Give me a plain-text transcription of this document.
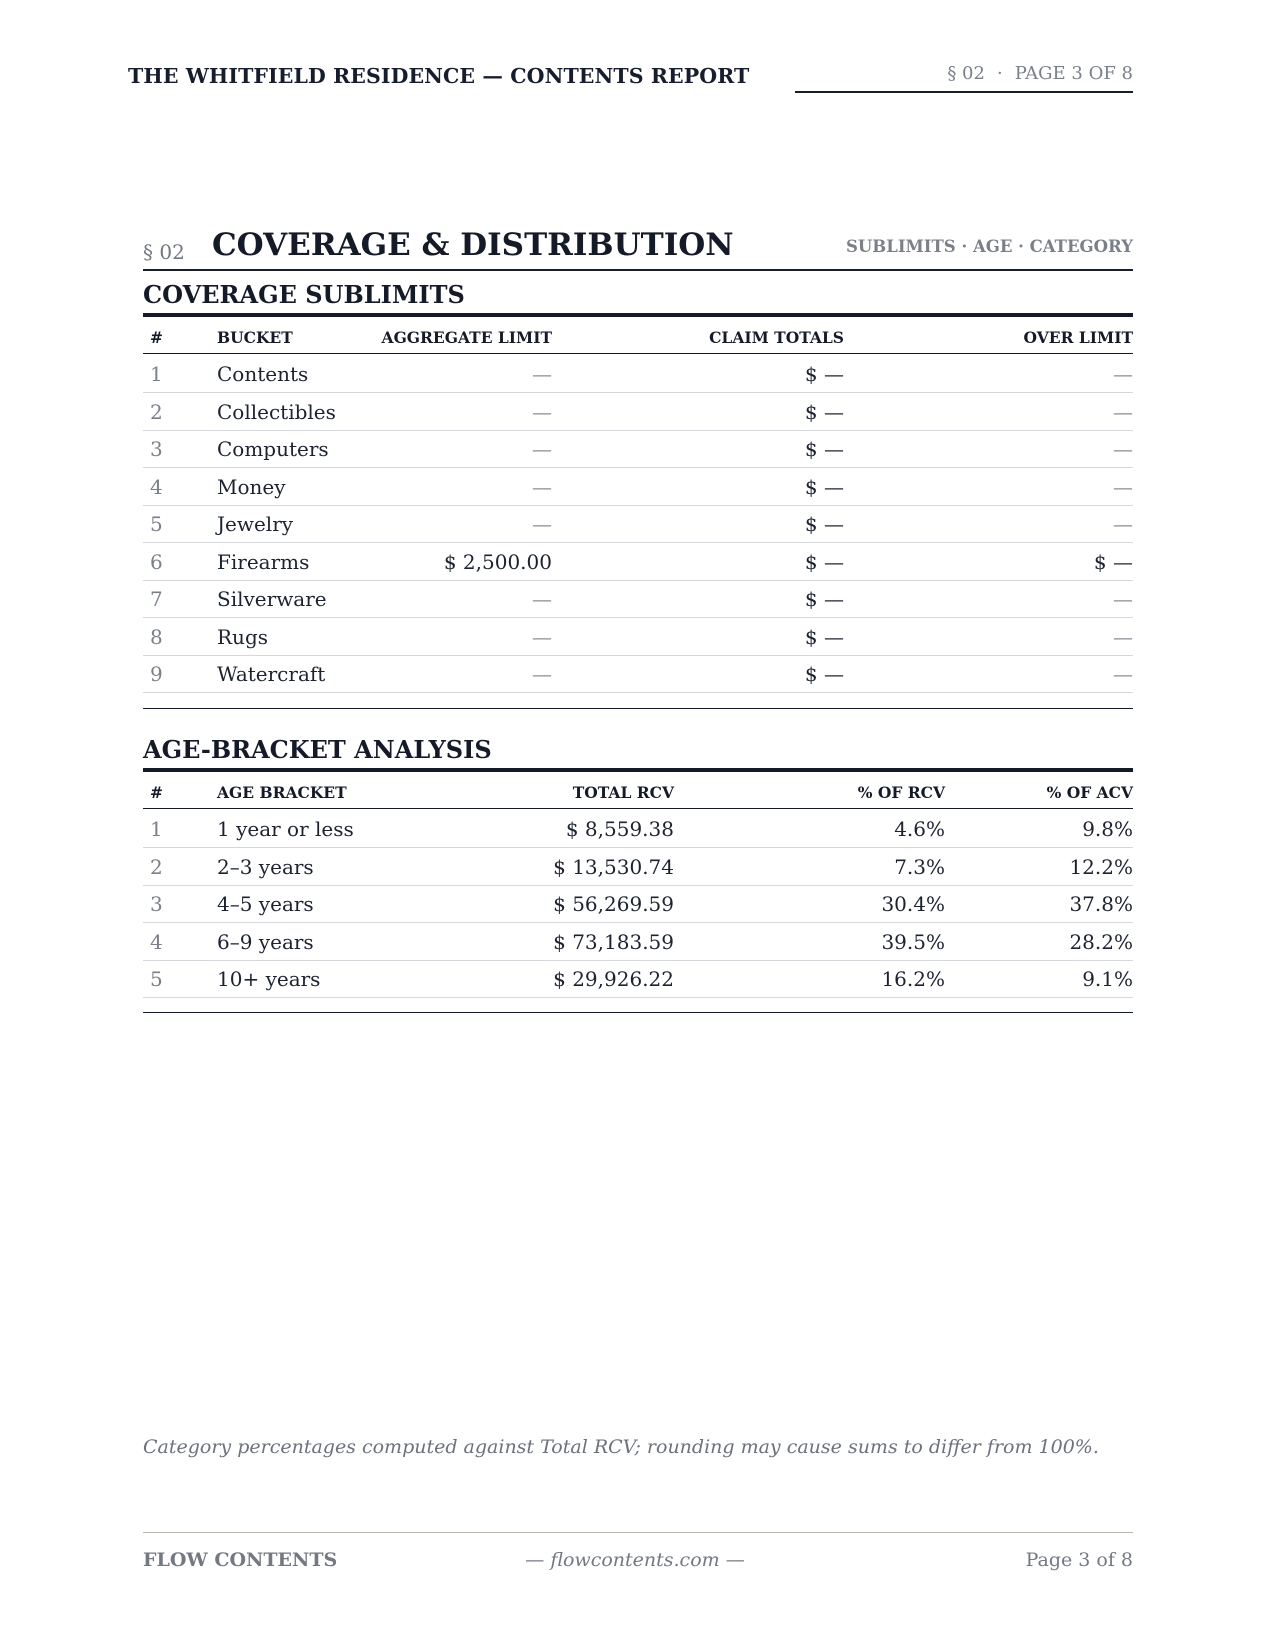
THE WHITFIELD RESIDENCE — CONTENTS REPORT	§ 02 · PAGE 3 OF 8
§ 02 COVERAGE & DISTRIBUTION	SUBLIMITS · AGE · CATEGORY
COVERAGE SUBLIMITS
#	BUCKET	AGGREGATE LIMIT	CLAIM TOTALS	OVER LIMIT
1	Contents	—	$ —	—
2	Collectibles	—	$ —	—
3	Computers	—	$ —	—
4	Money	—	$ —	—
5	Jewelry	—	$ —	—
6	Firearms	$ 2,500.00	$ —	$ —
7	Silverware	—	$ —	—
8	Rugs	—	$ —	—
9	Watercraft	—	$ —	—
AGE-BRACKET ANALYSIS
#	AGE BRACKET	TOTAL RCV	% OF RCV	% OF ACV
1	1 year or less	$ 8,559.38	4.6%	9.8%
2	2–3 years	$ 13,530.74	7.3%	12.2%
3	4–5 years	$ 56,269.59	30.4%	37.8%
4	6–9 years	$ 73,183.59	39.5%	28.2%
5	10+ years	$ 29,926.22	16.2%	9.1%
Category percentages computed against Total RCV; rounding may cause sums to differ from 100%.
FLOW CONTENTS	— flowcontents.com —	Page 3 of 8
